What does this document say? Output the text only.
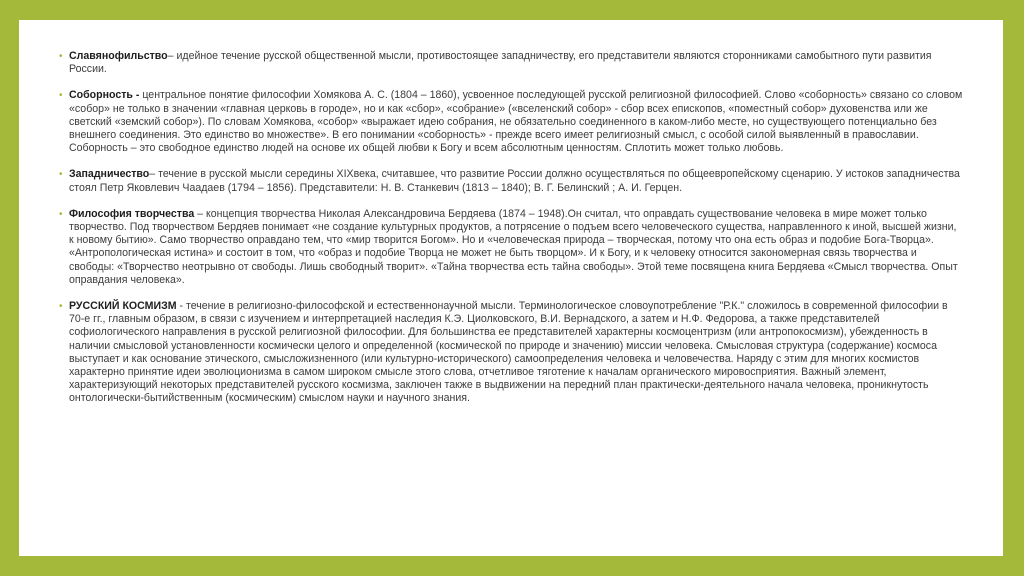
• Славянофильство– идейное течение русской общественной мысли, противостоящее западничеству, его представители являются сторонниками самобытного пути развития России.
• Соборность - центральное понятие философии Хомякова А. С. (1804 – 1860), усвоенное последующей русской религиозной философией. Слово «соборность» связано со словом «собор» не только в значении «главная церковь в городе», но и как «сбор», «собрание» («вселенский собор» - сбор всех епископов, «поместный собор» духовенства или же светский «земский собор»). По словам Хомякова, «собор» «выражает идею собрания, не обязательно соединенного в каком-либо месте, но существующего потенциально без внешнего соединения. Это единство во множестве». В его понимании «соборность» - прежде всего имеет религиозный смысл, с особой силой выявленный в православии. Соборность – это свободное единство людей на основе их общей любви к Богу и всем абсолютным ценностям. Сплотить может только любовь.
• Западничество– течение в русской мысли середины XIXвека, считавшее, что развитие России должно осуществляться по общеевропейскому сценарию. У истоков западничества стоял Петр Яковлевич Чаадаев (1794 – 1856). Представители: Н. В. Станкевич (1813 – 1840); В. Г. Белинский ; А. И. Герцен.
• Философия творчества – концепция творчества Николая Александровича Бердяева (1874 – 1948).Он считал, что оправдать существование человека в мире может только творчество. Под творчеством Бердяев понимает «не создание культурных продуктов, а потрясение о подъем всего человеческого существа, направленного к иной, высшей жизни, к новому бытию». Само творчество оправдано тем, что «мир творится Богом». Но и «человеческая природа – творческая, потому что она есть образ и подобие Бога-Творца». «Антропологическая истина» и состоит в том, что «образ и подобие Творца не может не быть творцом». И к Богу, и к человеку относится закономерная связь творчества и свободы: «Творчество неотрывно от свободы. Лишь свободный творит». «Тайна творчества есть тайна свободы». Этой теме посвящена книга Бердяева «Смысл творчества. Опыт оправдания человека».
• РУССКИЙ КОСМИЗМ - течение в религиозно-философской и естественнонаучной мысли. Терминологическое словоупотребление "Р.К." сложилось в современной философии в 70-е гг., главным образом, в связи с изучением и интерпретацией наследия К.Э. Циолковского, В.И. Вернадского, а затем и Н.Ф. Федорова, а также представителей софиологического направления в русской религиозной философии. Для большинства ее представителей характерны космоцентризм (или антропокосмизм), убежденность в наличии смысловой установленности космически целого и определенной (космической по природе и значению) миссии человека. Смысловая структура (содержание) космоса выступает и как основание этического, смысложизненного (или культурно-исторического) самоопределения человека и человечества. Наряду с этим для многих космистов характерно принятие идеи эволюционизма в самом широком смысле этого слова, отчетливое тяготение к началам органического мировосприятия. Важный элемент, характеризующий некоторых представителей русского космизма, заключен также в выдвижении на передний план практически-деятельного начала человека, проникнутость онтологически-бытийственным (космическим) смыслом науки и научного знания.
